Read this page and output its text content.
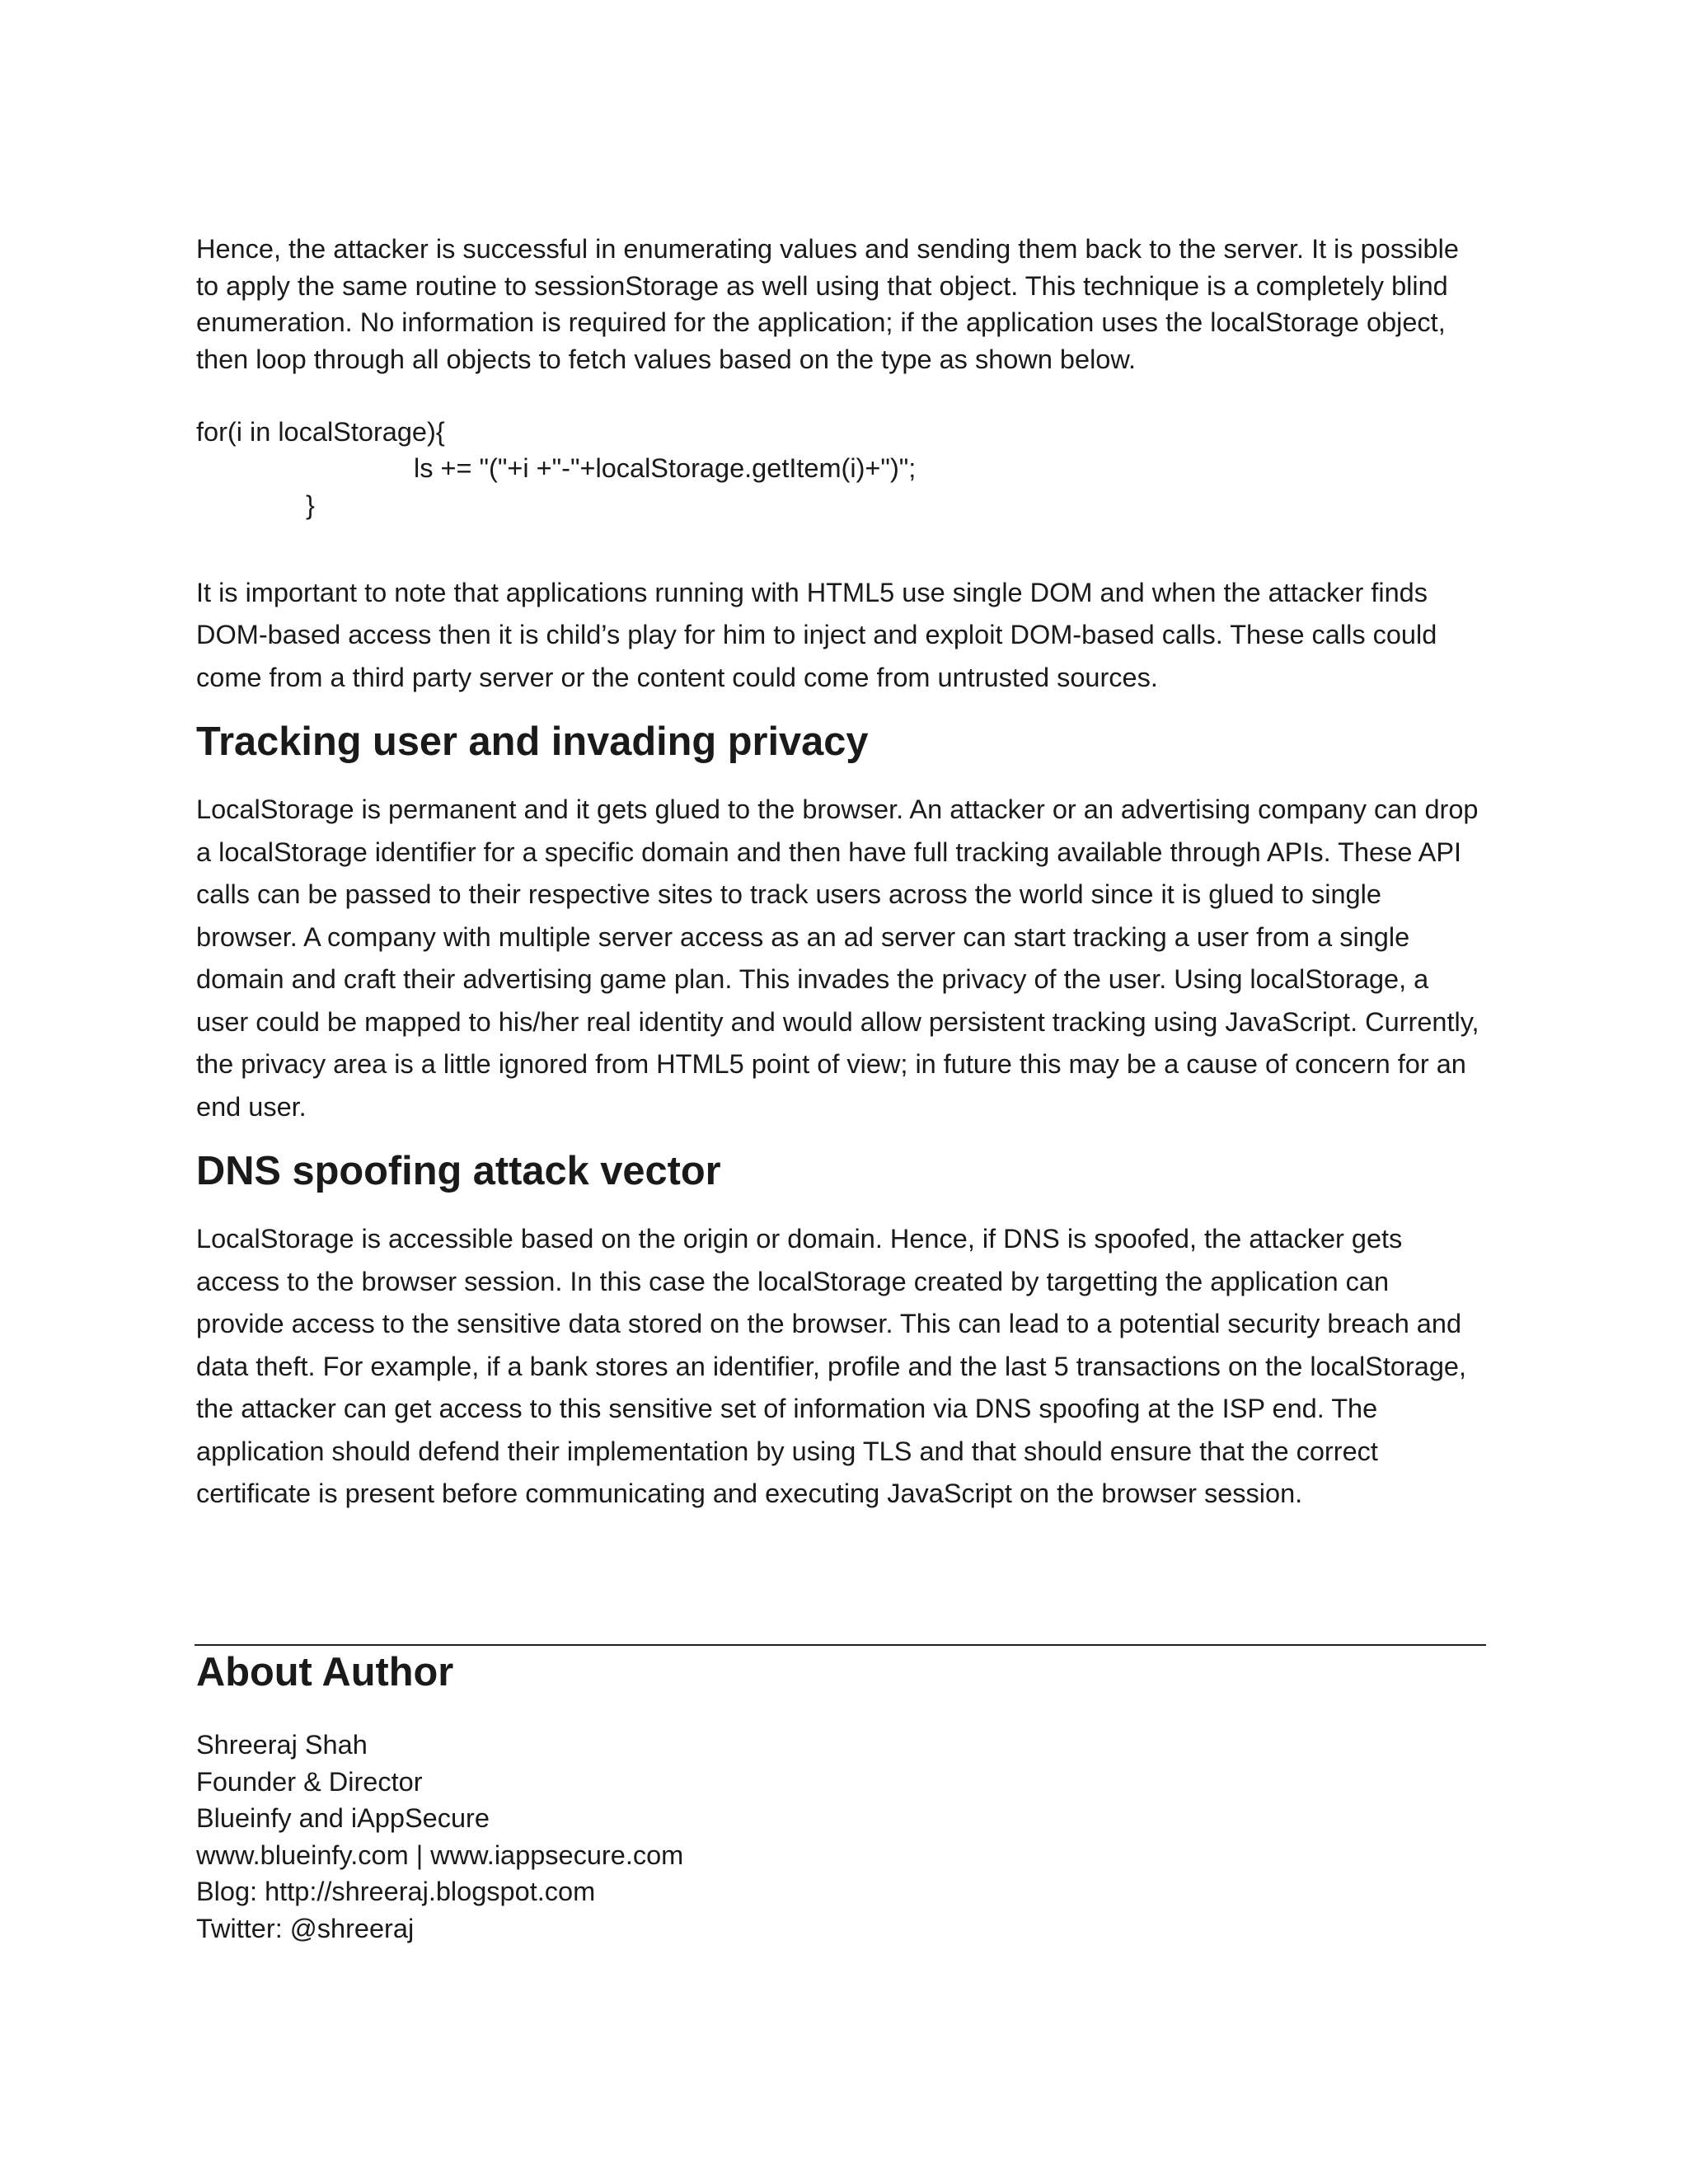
Hence, the attacker is successful in enumerating values and sending them back to the server. It is possible to apply the same routine to sessionStorage as well using that object. This technique is a completely blind enumeration. No information is required for the application; if the application uses the localStorage object, then loop through all objects to fetch values based on the type as shown below.

for(i in localStorage){
ls += "("+i +"-"+localStorage.getItem(i)+")";
}

It is important to note that applications running with HTML5 use single DOM and when the attacker finds DOM-based access then it is child’s play for him to inject and exploit DOM-based calls. These calls could come from a third party server or the content could come from untrusted sources.

Tracking user and invading privacy

LocalStorage is permanent and it gets glued to the browser. An attacker or an advertising company can drop a localStorage identifier for a specific domain and then have full tracking available through APIs. These API calls can be passed to their respective sites to track users across the world since it is glued to single browser. A company with multiple server access as an ad server can start tracking a user from a single domain and craft their advertising game plan. This invades the privacy of the user. Using localStorage, a user could be mapped to his/her real identity and would allow persistent tracking using JavaScript. Currently, the privacy area is a little ignored from HTML5 point of view; in future this may be a cause of concern for an end user.

DNS spoofing attack vector

LocalStorage is accessible based on the origin or domain. Hence, if DNS is spoofed, the attacker gets access to the browser session. In this case the localStorage created by targetting the application can provide access to the sensitive data stored on the browser. This can lead to a potential security breach and data theft. For example, if a bank stores an identifier, profile and the last 5 transactions on the localStorage, the attacker can get access to this sensitive set of information via DNS spoofing at the ISP end. The application should defend their implementation by using TLS and that should ensure that the correct certificate is present before communicating and executing JavaScript on the browser session.

About Author
Shreeraj Shah
Founder & Director
Blueinfy and iAppSecure
www.blueinfy.com | www.iappsecure.com
Blog: http://shreeraj.blogspot.com
Twitter: @shreeraj
